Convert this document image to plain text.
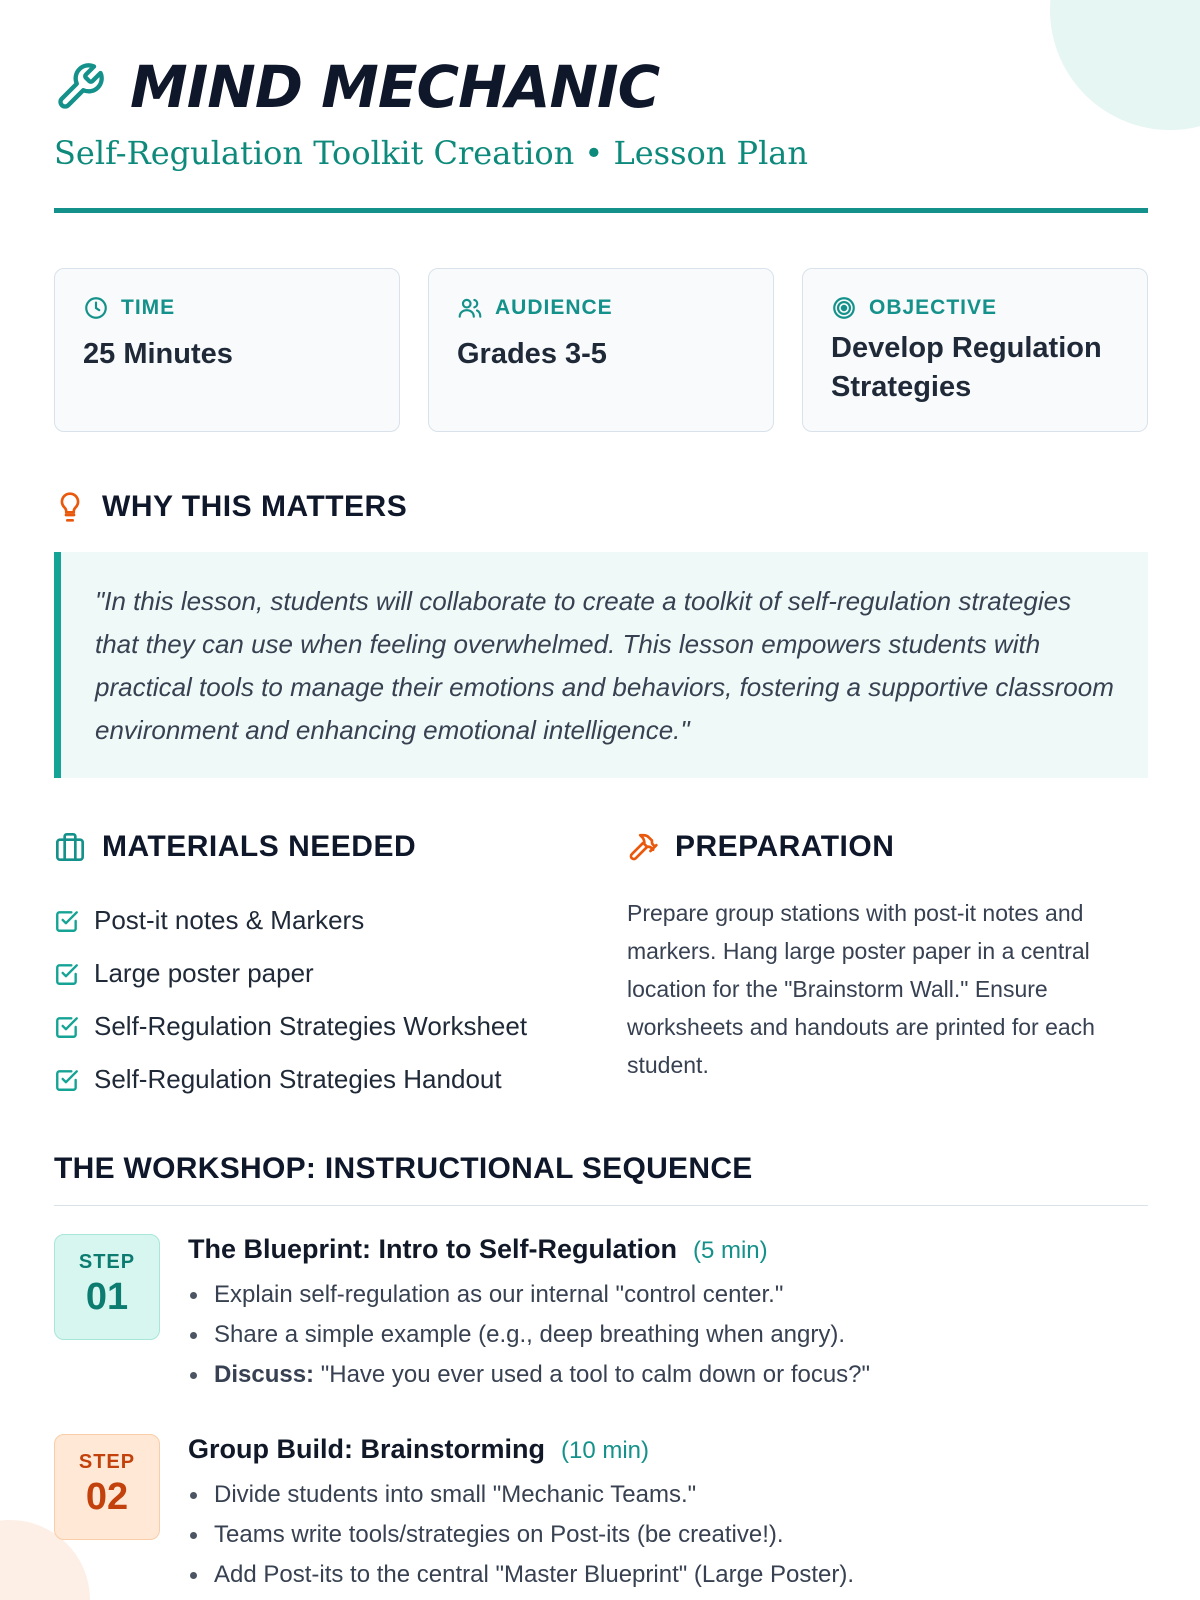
MIND MECHANIC
Self-Regulation Toolkit Creation • Lesson Plan
TIME
25 Minutes
AUDIENCE
Grades 3-5
OBJECTIVE
Develop Regulation Strategies
WHY THIS MATTERS

"In this lesson, students will collaborate to create a toolkit of self-regulation strategies that they can use when feeling overwhelmed. This lesson empowers students with practical tools to manage their emotions and behaviors, fostering a supportive classroom environment and enhancing emotional intelligence."

MATERIALS NEEDED
Post-it notes & Markers
Large poster paper
Self-Regulation Strategies Worksheet
Self-Regulation Strategies Handout
PREPARATION

Prepare group stations with post-it notes and markers. Hang large poster paper in a central location for the "Brainstorm Wall." Ensure worksheets and handouts are printed for each student.

THE WORKSHOP: INSTRUCTIONAL SEQUENCE
STEP
01
The Blueprint: Intro to Self-Regulation (5 min)
Explain self-regulation as our internal "control center."
Share a simple example (e.g., deep breathing when angry).
Discuss: "Have you ever used a tool to calm down or focus?"
STEP
02
Group Build: Brainstorming (10 min)
Divide students into small "Mechanic Teams."
Teams write tools/strategies on Post-its (be creative!).
Add Post-its to the central "Master Blueprint" (Large Poster).
